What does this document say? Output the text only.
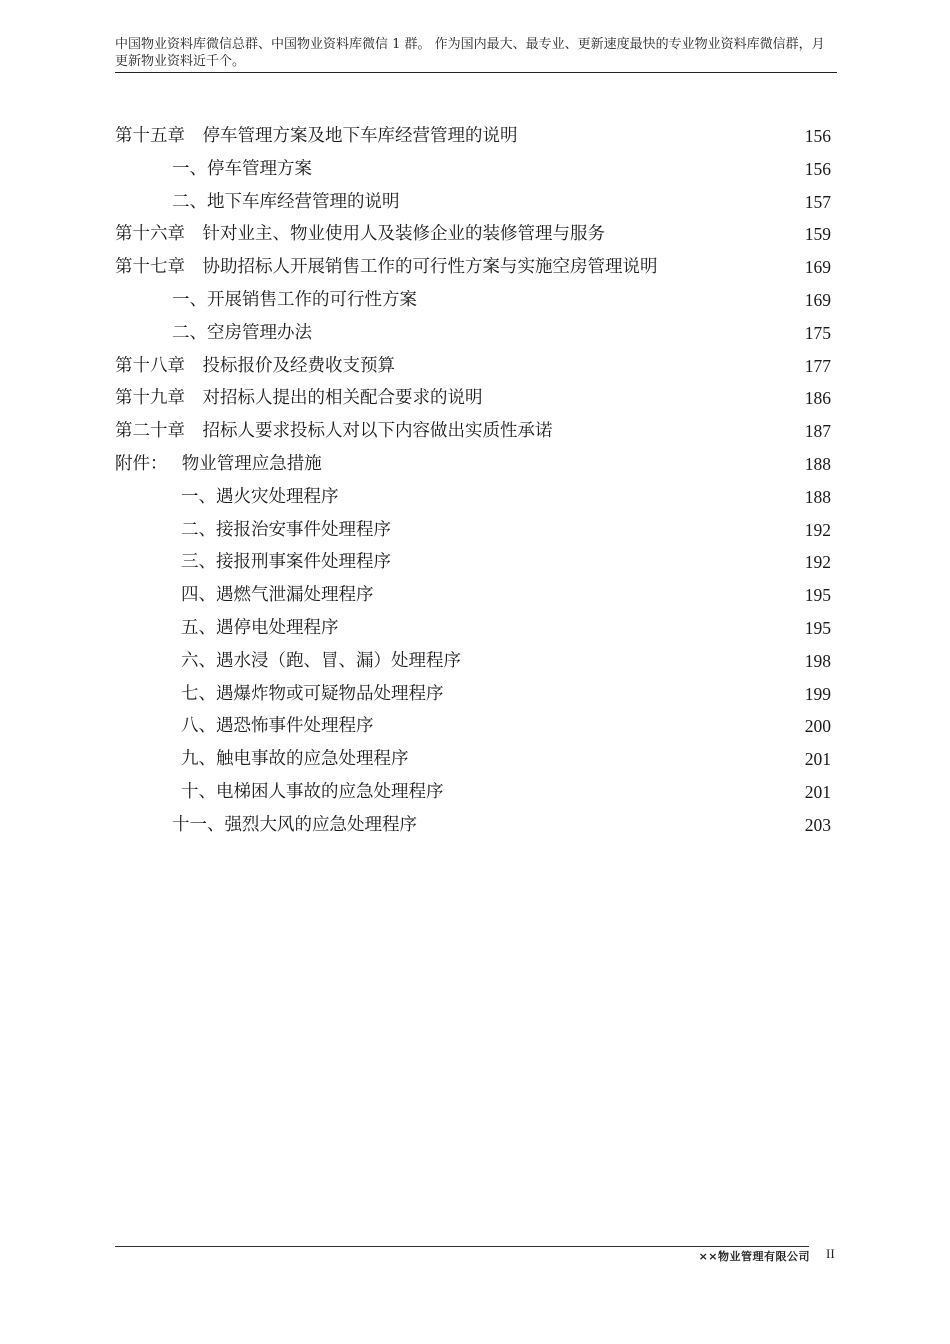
中国物业资料库微信总群、中国物业资料库微信 1 群。 作为国内最大、最专业、更新速度最快的专业物业资料库微信群，月更新物业资料近千个。
第十五章　停车管理方案及地下车库经营管理的说明	156
一、停车管理方案	156
二、地下车库经营管理的说明	157
第十六章　针对业主、物业使用人及装修企业的装修管理与服务	159
第十七章　协助招标人开展销售工作的可行性方案与实施空房管理说明	169
一、开展销售工作的可行性方案	169
二、空房管理办法	175
第十八章　投标报价及经费收支预算	177
第十九章　对招标人提出的相关配合要求的说明	186
第二十章　招标人要求投标人对以下内容做出实质性承诺	187
附件：　 物业管理应急措施	188
一、遇火灾处理程序	188
二、接报治安事件处理程序	192
三、接报刑事案件处理程序	192
四、遇燃气泄漏处理程序	195
五、遇停电处理程序	195
六、遇水浸（跑、冒、漏）处理程序	198
七、遇爆炸物或可疑物品处理程序	199
八、遇恐怖事件处理程序	200
九、触电事故的应急处理程序	201
十、电梯困人事故的应急处理程序	201
十一、强烈大风的应急处理程序	203
××物业管理有限公司 II
